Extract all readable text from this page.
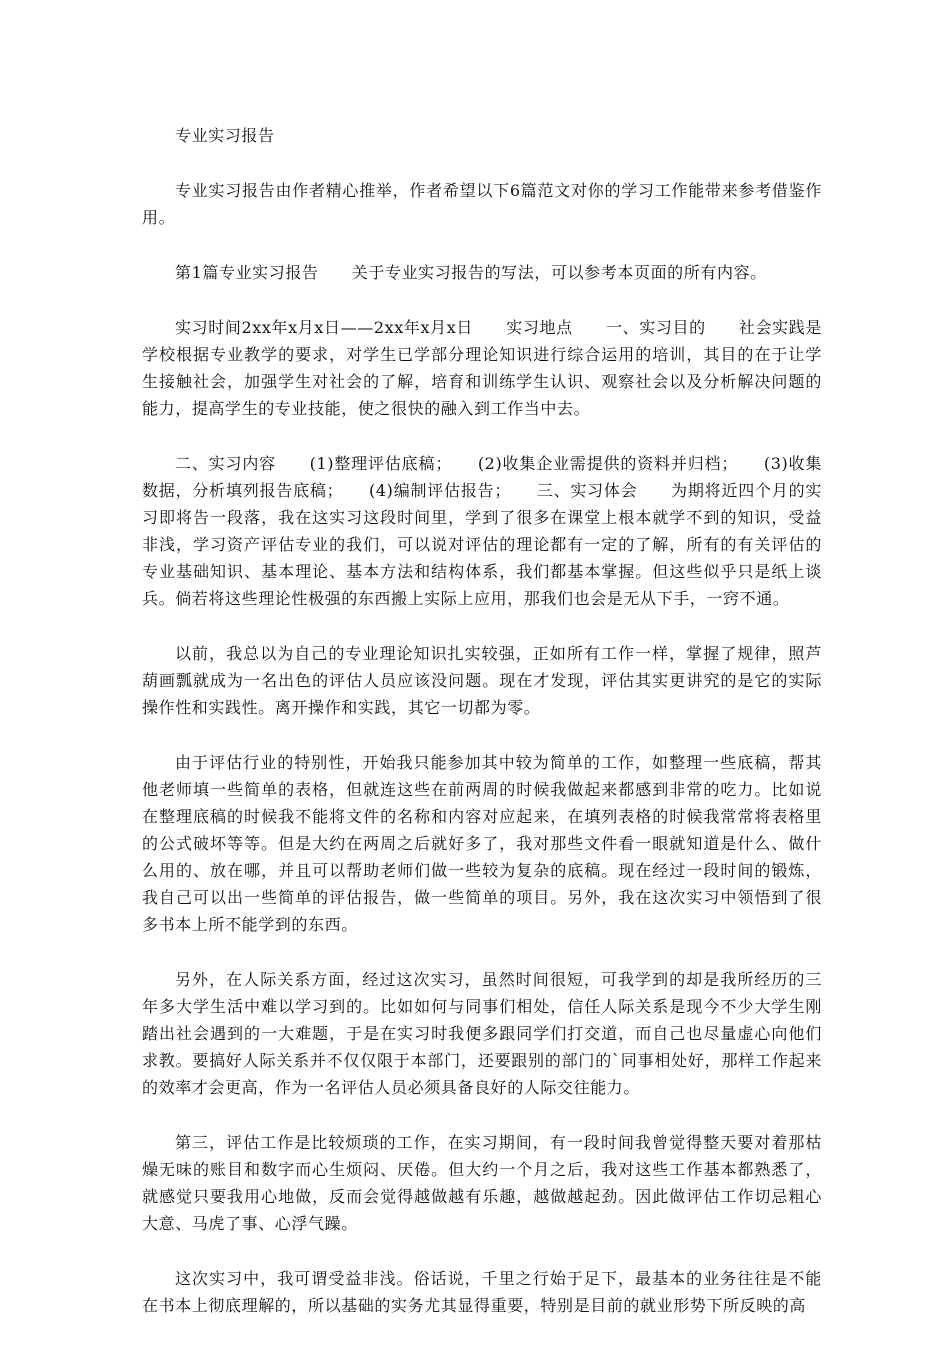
专业实习报告

专业实习报告由作者精心推举，作者希望以下6篇范文对你的学习工作能带来参考借鉴作用。

第1篇专业实习报告　　关于专业实习报告的写法，可以参考本页面的所有内容。

实习时间2xx年x月x日——2xx年x月x日　　实习地点　　一、实习目的　　社会实践是学校根据专业教学的要求，对学生已学部分理论知识进行综合运用的培训，其目的在于让学生接触社会，加强学生对社会的了解，培育和训练学生认识、观察社会以及分析解决问题的能力，提高学生的专业技能，使之很快的融入到工作当中去。

二、实习内容　　(1)整理评估底稿；　　(2)收集企业需提供的资料并归档；　　(3)收集数据，分析填列报告底稿；　　(4)编制评估报告；　　三、实习体会　　为期将近四个月的实习即将告一段落，我在这实习这段时间里，学到了很多在课堂上根本就学不到的知识，受益非浅，学习资产评估专业的我们，可以说对评估的理论都有一定的了解，所有的有关评估的专业基础知识、基本理论、基本方法和结构体系，我们都基本掌握。但这些似乎只是纸上谈兵。倘若将这些理论性极强的东西搬上实际上应用，那我们也会是无从下手，一窍不通。

以前，我总以为自己的专业理论知识扎实较强，正如所有工作一样，掌握了规律，照芦葫画瓢就成为一名出色的评估人员应该没问题。现在才发现，评估其实更讲究的是它的实际操作性和实践性。离开操作和实践，其它一切都为零。

由于评估行业的特别性，开始我只能参加其中较为简单的工作，如整理一些底稿，帮其他老师填一些简单的表格，但就连这些在前两周的时候我做起来都感到非常的吃力。比如说在整理底稿的时候我不能将文件的名称和内容对应起来，在填列表格的时候我常常将表格里的公式破坏等等。但是大约在两周之后就好多了，我对那些文件看一眼就知道是什么、做什么用的、放在哪，并且可以帮助老师们做一些较为复杂的底稿。现在经过一段时间的锻炼，我自己可以出一些简单的评估报告，做一些简单的项目。另外，我在这次实习中领悟到了很多书本上所不能学到的东西。

另外，在人际关系方面，经过这次实习，虽然时间很短，可我学到的却是我所经历的三年多大学生活中难以学习到的。比如如何与同事们相处，信任人际关系是现今不少大学生刚踏出社会遇到的一大难题，于是在实习时我便多跟同学们打交道，而自己也尽量虚心向他们求教。要搞好人际关系并不仅仅限于本部门，还要跟别的部门的`同事相处好，那样工作起来的效率才会更高，作为一名评估人员必须具备良好的人际交往能力。

第三，评估工作是比较烦琐的工作，在实习期间，有一段时间我曾觉得整天要对着那枯燥无味的账目和数字而心生烦闷、厌倦。但大约一个月之后，我对这些工作基本都熟悉了，就感觉只要我用心地做，反而会觉得越做越有乐趣，越做越起劲。因此做评估工作切忌粗心大意、马虎了事、心浮气躁。

这次实习中，我可谓受益非浅。俗话说，千里之行始于足下，最基本的业务往往是不能在书本上彻底理解的，所以基础的实务尤其显得重要，特别是目前的就业形势下所反映的高
